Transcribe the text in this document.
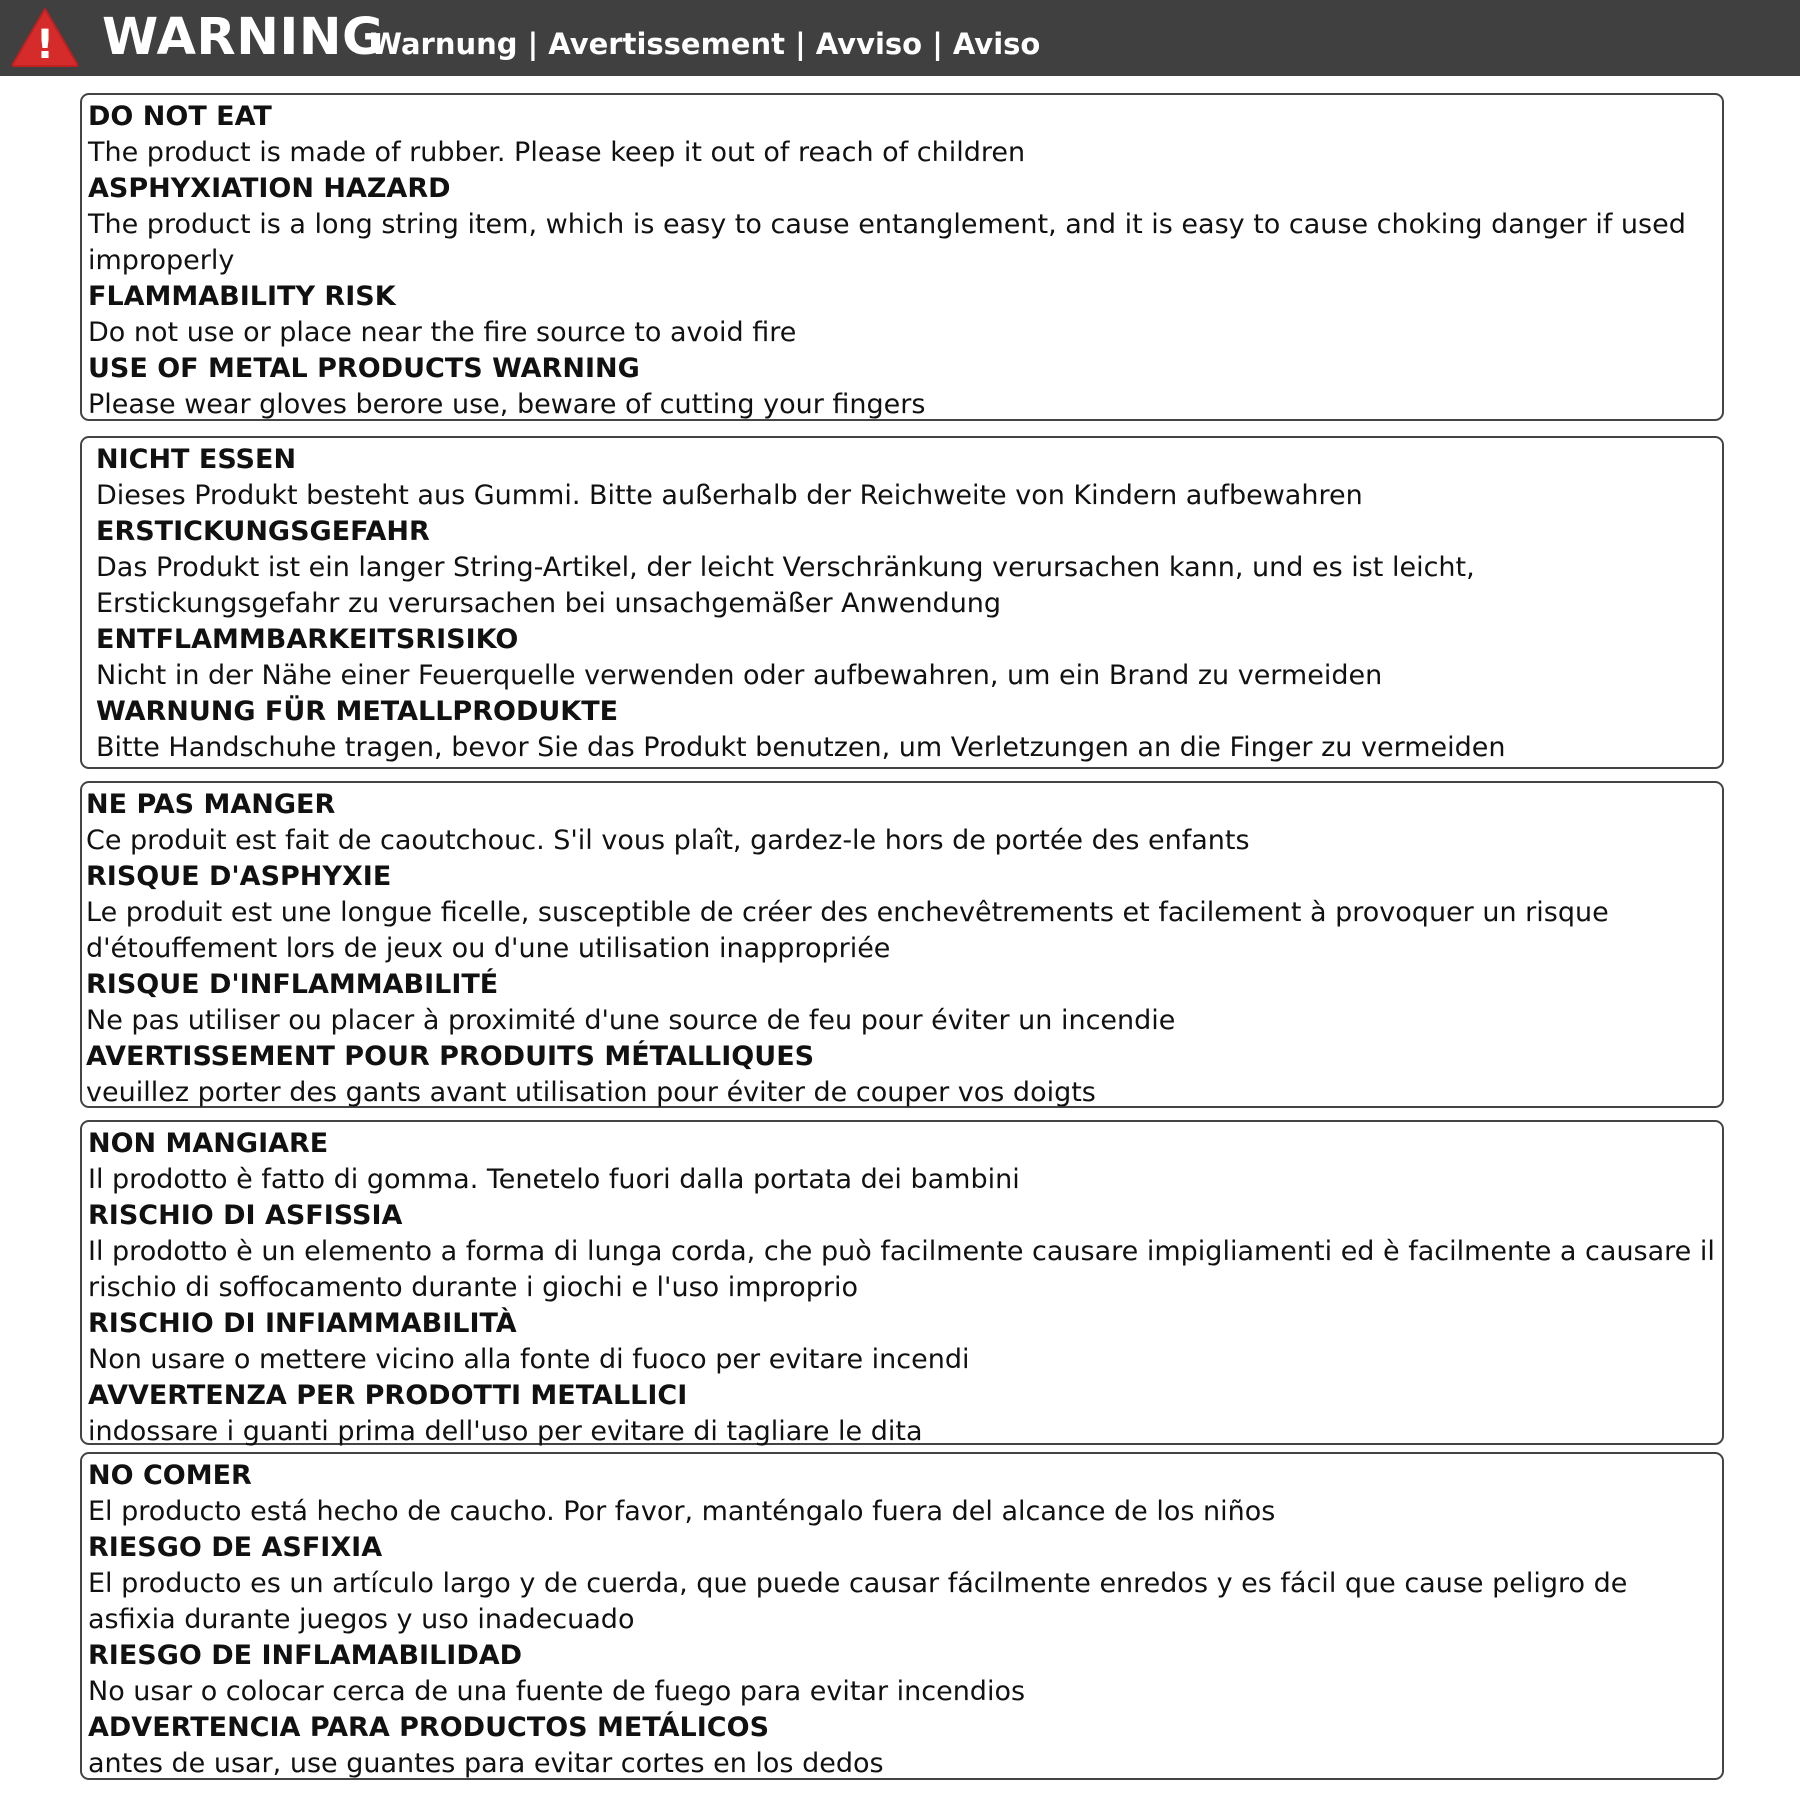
! WARNING
Warnung | Avertissement | Avviso | Aviso
DO NOT EAT
The product is made of rubber. Please keep it out of reach of children
ASPHYXIATION HAZARD
The product is a long string item, which is easy to cause entanglement, and it is easy to cause choking danger if used improperly
FLAMMABILITY RISK
Do not use or place near the fire source to avoid fire
USE OF METAL PRODUCTS WARNING
Please wear gloves berore use, beware of cutting your fingers
NICHT ESSEN
Dieses Produkt besteht aus Gummi. Bitte außerhalb der Reichweite von Kindern aufbewahren
ERSTICKUNGSGEFAHR
Das Produkt ist ein langer String-Artikel, der leicht Verschränkung verursachen kann, und es ist leicht, Erstickungsgefahr zu verursachen bei unsachgemäßer Anwendung
ENTFLAMMBARKEITSRISIKO
Nicht in der Nähe einer Feuerquelle verwenden oder aufbewahren, um ein Brand zu vermeiden
WARNUNG FÜR METALLPRODUKTE
Bitte Handschuhe tragen, bevor Sie das Produkt benutzen, um Verletzungen an die Finger zu vermeiden
NE PAS MANGER
Ce produit est fait de caoutchouc. S'il vous plaît, gardez-le hors de portée des enfants
RISQUE D'ASPHYXIE
Le produit est une longue ficelle, susceptible de créer des enchevêtrements et facilement à provoquer un risque d'étouffement lors de jeux ou d'une utilisation inappropriée
RISQUE D'INFLAMMABILITÉ
Ne pas utiliser ou placer à proximité d'une source de feu pour éviter un incendie
AVERTISSEMENT POUR PRODUITS MÉTALLIQUES
veuillez porter des gants avant utilisation pour éviter de couper vos doigts
NON MANGIARE
Il prodotto è fatto di gomma. Tenetelo fuori dalla portata dei bambini
RISCHIO DI ASFISSIA
Il prodotto è un elemento a forma di lunga corda, che può facilmente causare impigliamenti ed è facilmente a causare il rischio di soffocamento durante i giochi e l'uso improprio
RISCHIO DI INFIAMMABILITÀ
Non usare o mettere vicino alla fonte di fuoco per evitare incendi
AVVERTENZA PER PRODOTTI METALLICI
indossare i guanti prima dell'uso per evitare di tagliare le dita
NO COMER
El producto está hecho de caucho. Por favor, manténgalo fuera del alcance de los niños
RIESGO DE ASFIXIA
El producto es un artículo largo y de cuerda, que puede causar fácilmente enredos y es fácil que cause peligro de asfixia durante juegos y uso inadecuado
RIESGO DE INFLAMABILIDAD
No usar o colocar cerca de una fuente de fuego para evitar incendios
ADVERTENCIA PARA PRODUCTOS METÁLICOS
antes de usar, use guantes para evitar cortes en los dedos
